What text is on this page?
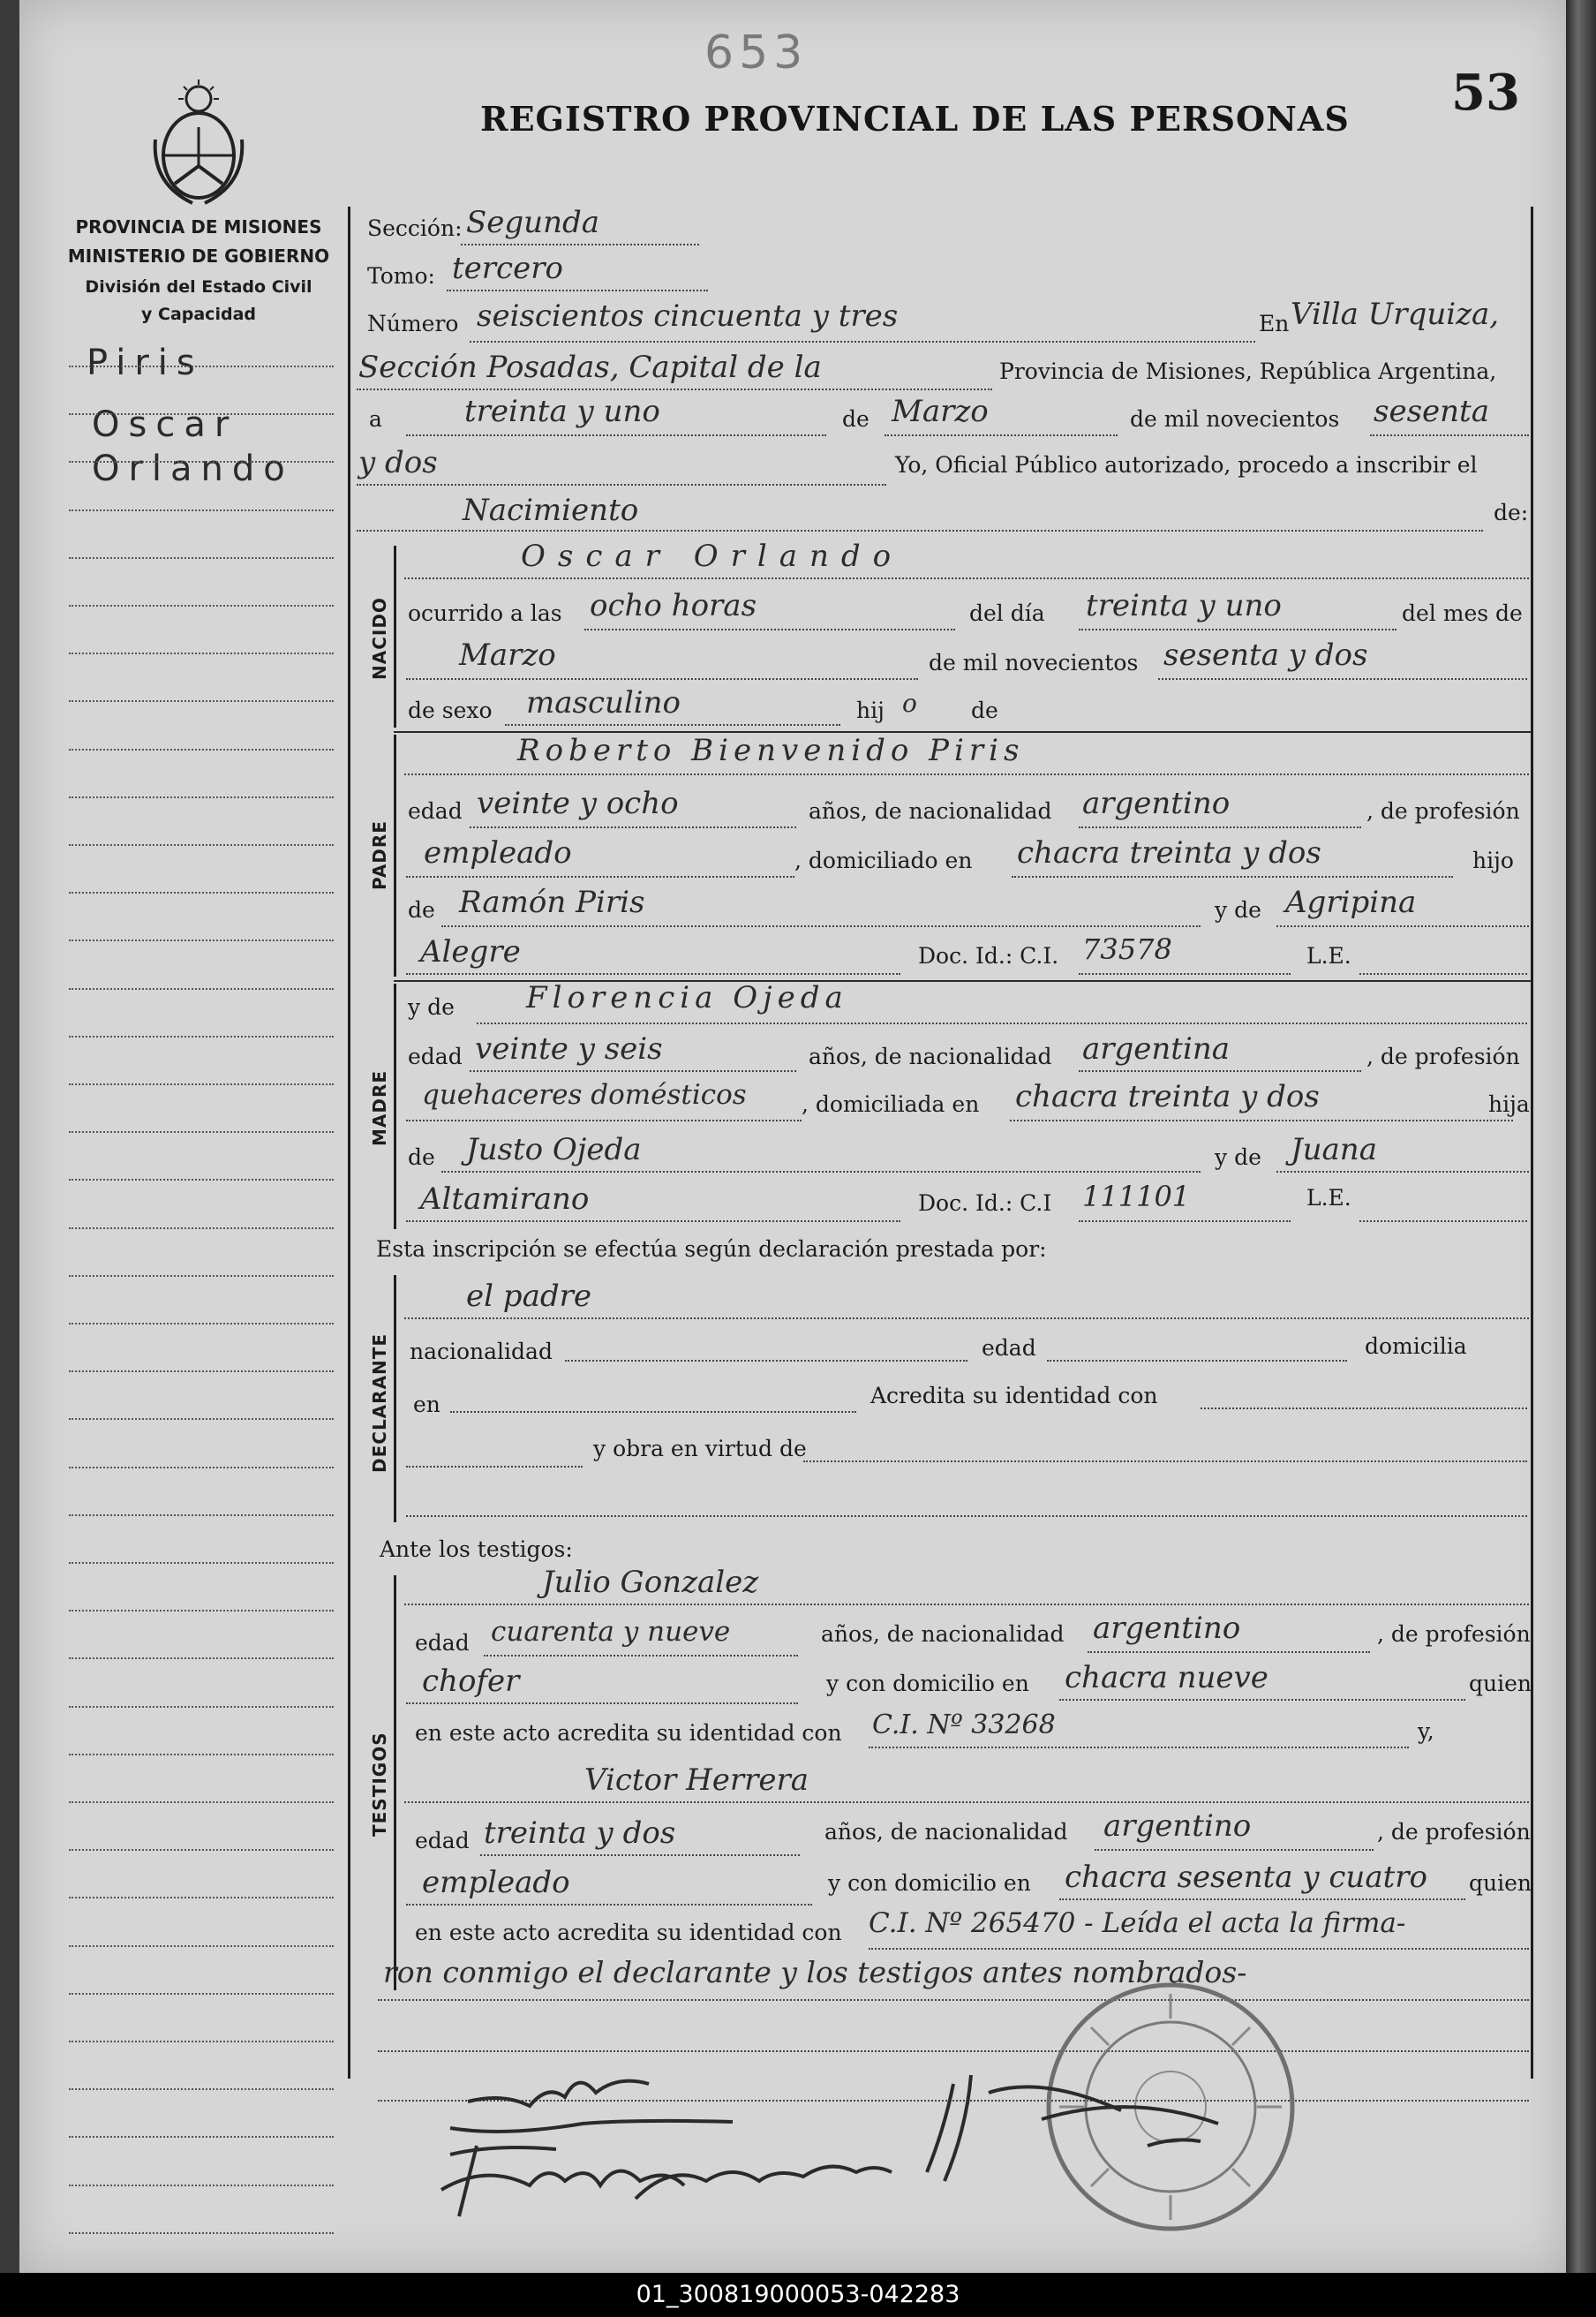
653
REGISTRO PROVINCIAL DE LAS PERSONAS 53
PROVINCIA DE MISIONES
MINISTERIO DE GOBIERNO
División del Estado Civil
y Capacidad
Piris
Oscar
Orlando
Sección: Segunda
Tomo: tercero
Número seiscientos cincuenta y tres	En Villa Urquiza,
Sección Posadas, Capital de la	Provincia de Misiones, República Argentina,
a	treinta y uno	de Marzo	de mil novecientos sesenta
y dos	Yo, Oficial Público autorizado, procedo a inscribir el
Nacimiento	de:
NACIDO
Oscar Orlando
ocurrido a las ocho horas	del día treinta y uno	del mes de
Marzo	de mil novecientos sesenta y dos
de sexo masculino	hij o de
PADRE
Roberto Bienvenido Piris
edad veinte y ocho	años, de nacionalidad argentino	, de profesión
empleado	, domiciliado en chacra treinta y dos	hijo
de Ramón Piris	y de Agripina
Alegre	Doc. Id.: C.I. 73578	L.E.
MADRE
y de Florencia Ojeda
edad veinte y seis	años, de nacionalidad argentina	, de profesión
quehaceres domésticos , domiciliada en chacra treinta y dos	hija
de Justo Ojeda	y de Juana
Altamirano	Doc. Id.: C.I 111101	L.E.
Esta inscripción se efectúa según declaración prestada por:
DECLARANTE
el padre
nacionalidad	edad	domicilia
en	Acredita su identidad con
y obra en virtud de
Ante los testigos:
TESTIGOS
Julio Gonzalez
edad cuarenta y nueve	años, de nacionalidad argentino	, de profesión
chofer	y con domicilio en chacra nueve	quien
en este acto acredita su identidad con C.I. Nº 33268	y,
Victor Herrera
edad treinta y dos	años, de nacionalidad argentino	, de profesión
empleado	y con domicilio en chacra sesenta y cuatro quien
en este acto acredita su identidad con C.I. Nº 265470 - Leída el acta la firma-
ron conmigo el declarante y los testigos antes nombrados-
01_300819000053-042283
